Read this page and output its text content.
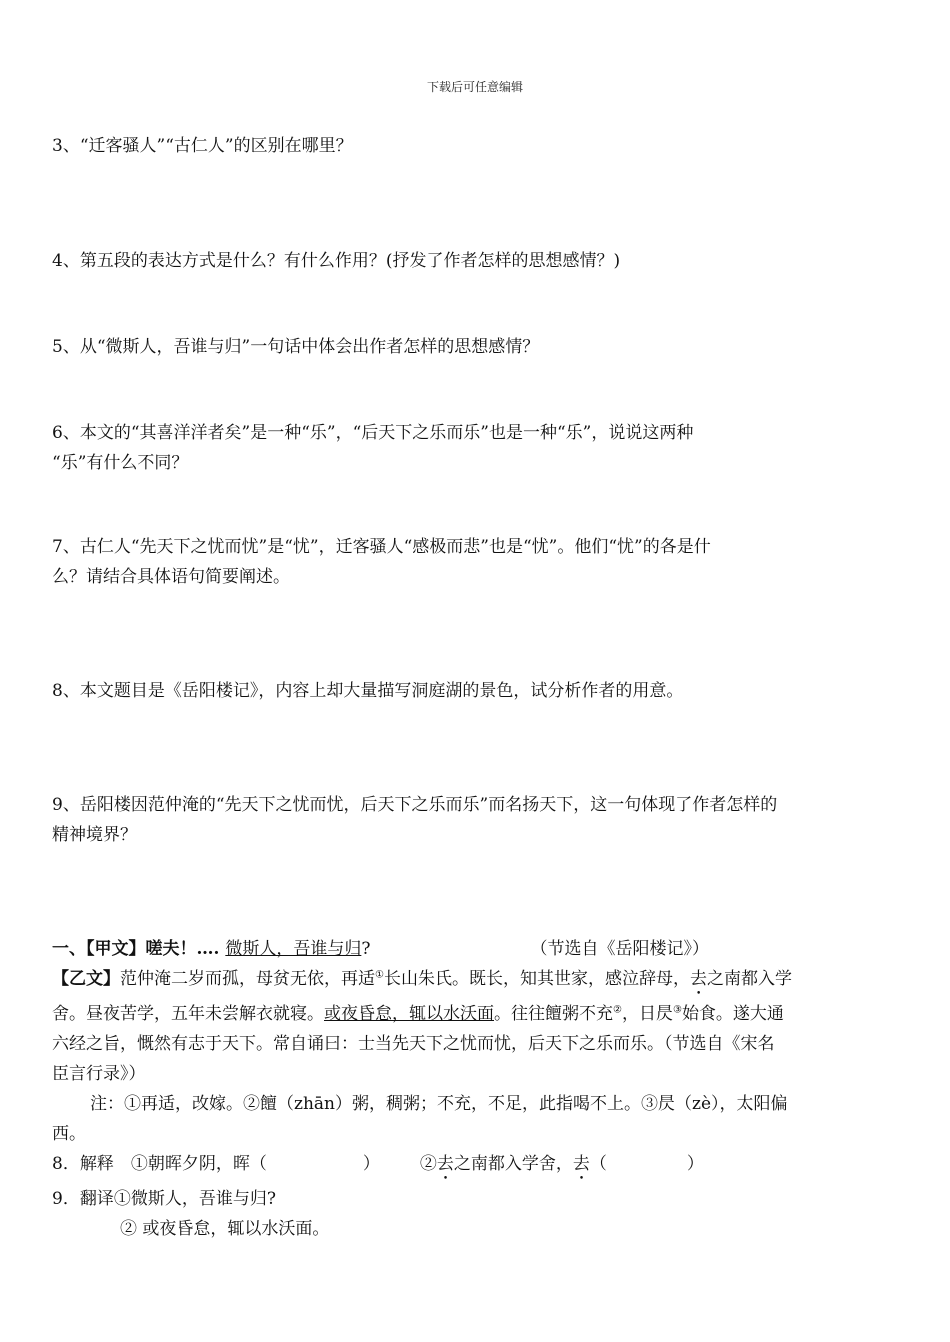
下载后可任意编辑
3、“迁客骚人”“古仁人”的区别在哪里？
4、第五段的表达方式是什么？有什么作用？(抒发了作者怎样的思想感情？)
5、从“微斯人，吾谁与归”一句话中体会出作者怎样的思想感情？
6、本文的“其喜洋洋者矣”是一种“乐”，“后天下之乐而乐”也是一种“乐”，说说这两种
“乐”有什么不同？
7、古仁人“先天下之忧而忧”是“忧”，迁客骚人“感极而悲”也是“忧”。他们“忧”的各是什
么？请结合具体语句简要阐述。
8、本文题目是《岳阳楼记》，内容上却大量描写洞庭湖的景色，试分析作者的用意。
9、岳阳楼因范仲淹的“先天下之忧而忧，后天下之乐而乐”而名扬天下，这一句体现了作者怎样的
精神境界？
一、【甲文】嗟夫！…. 微斯人，吾谁与归?	（节选自《岳阳楼记》）
【乙文】范仲淹二岁而孤，母贫无依，再适①长山朱氏。既长，知其世家，感泣辞母，去之南都入学
舍。昼夜苦学，五年未尝解衣就寝。或夜昏怠，辄以水沃面。往往饘粥不充②，日昃③始食。遂大通
六经之旨，慨然有志于天下。常自诵曰：士当先天下之忧而忧，后天下之乐而乐。（节选自《宋名
臣言行录》）
注：①再适，改嫁。②饘（zhān）粥，稠粥；不充，不足，此指喝不上。③昃（zè），太阳偏
西。
8．解释　①朝晖夕阴，晖（	） ②去之南都入学舍，去（	）
9．翻译①微斯人，吾谁与归?
② 或夜昏怠，辄以水沃面。
